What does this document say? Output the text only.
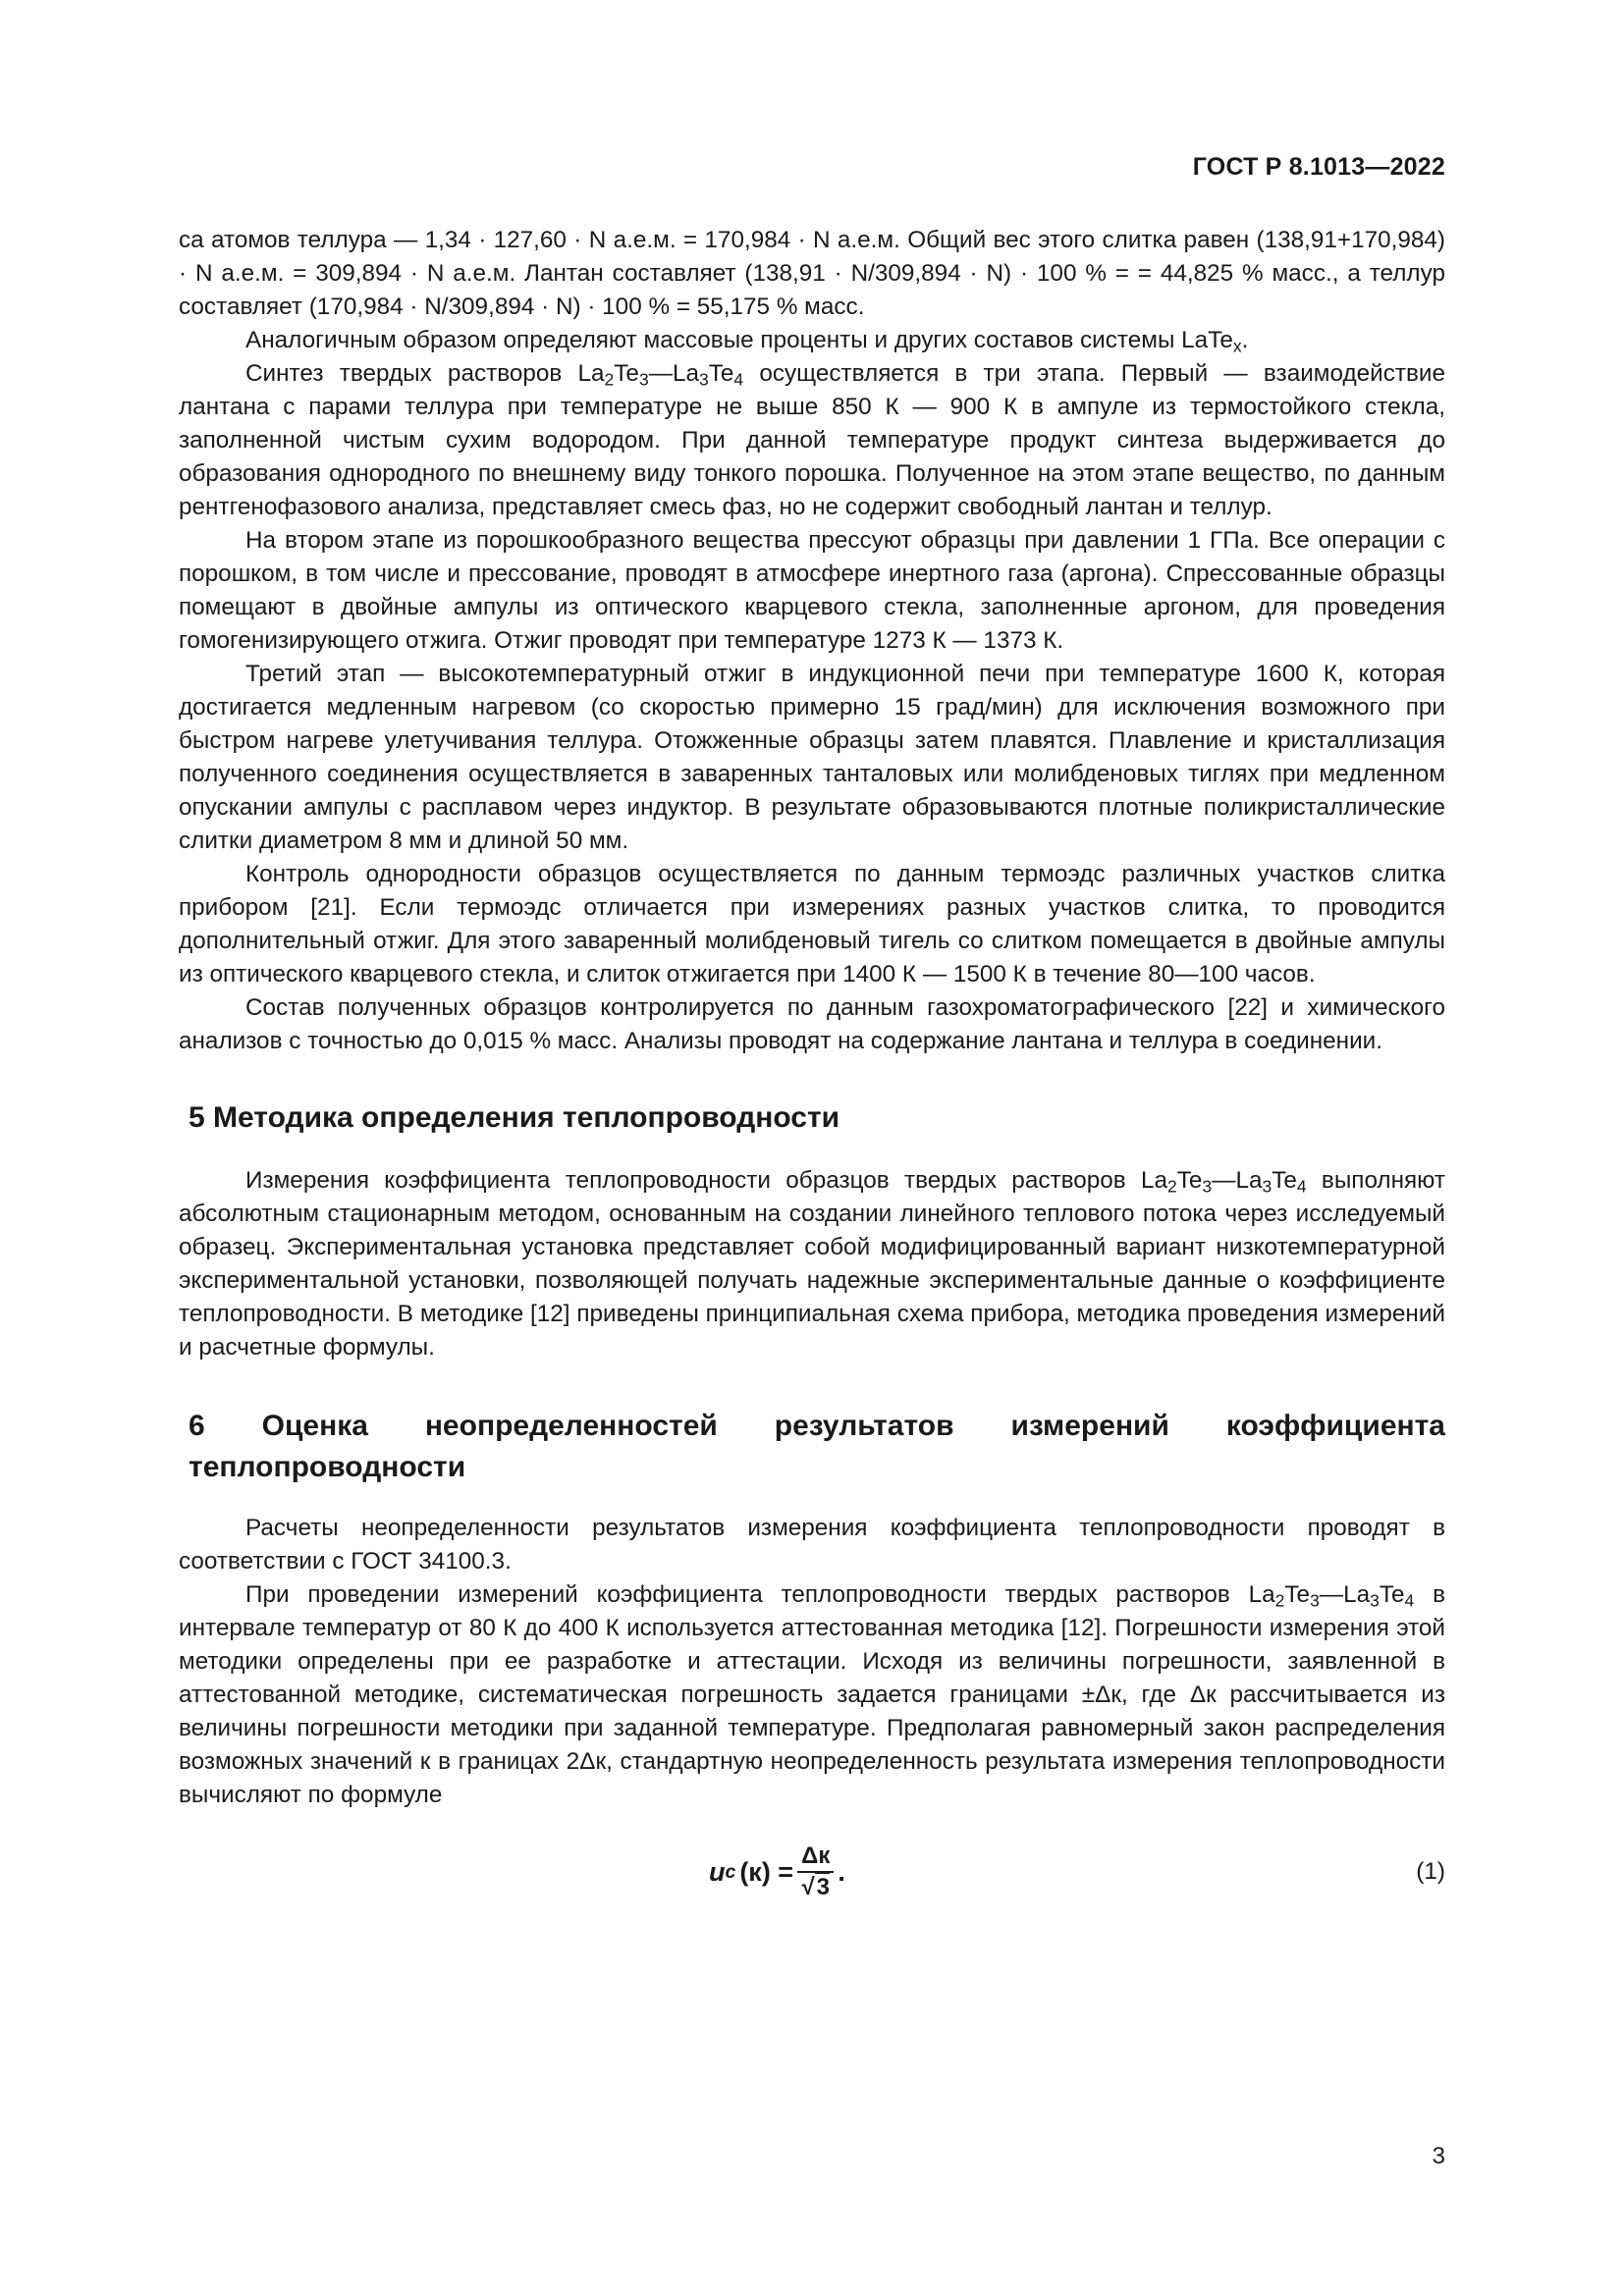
ГОСТ Р 8.1013—2022

са атомов теллура — 1,34 · 127,60 · N а.е.м. = 170,984 · N а.е.м. Общий вес этого слитка равен (138,91+170,984) · N а.е.м. = 309,894 · N а.е.м. Лантан составляет (138,91 · N/309,894 · N) · 100 % = = 44,825 % масс., а теллур составляет (170,984 · N/309,894 · N) · 100 % = 55,175 % масс.

Аналогичным образом определяют массовые проценты и других составов системы LaTe$_x$.

Синтез твердых растворов $La_2Te_3—La_3Te_4$ осуществляется в три этапа. Первый — взаимодействие лантана с парами теллура при температуре не выше 850 К — 900 К в ампуле из термостойкого стекла, заполненной чистым сухим водородом. При данной температуре продукт синтеза выдерживается до образования однородного по внешнему виду тонкого порошка. Полученное на этом этапе вещество, по данным рентгенофазового анализа, представляет смесь фаз, но не содержит свободный лантан и теллур.

На втором этапе из порошкообразного вещества прессуют образцы при давлении 1 ГПа. Все операции с порошком, в том числе и прессование, проводят в атмосфере инертного газа (аргона). Спрессованные образцы помещают в двойные ампулы из оптического кварцевого стекла, заполненные аргоном, для проведения гомогенизирующего отжига. Отжиг проводят при температуре 1273 К — 1373 К.

Третий этап — высокотемпературный отжиг в индукционной печи при температуре 1600 К, которая достигается медленным нагревом (со скоростью примерно 15 град/мин) для исключения возможного при быстром нагреве улетучивания теллура. Отожженные образцы затем плавятся. Плавление и кристаллизация полученного соединения осуществляется в заваренных танталовых или молибденовых тиглях при медленном опускании ампулы с расплавом через индуктор. В результате образовываются плотные поликристаллические слитки диаметром 8 мм и длиной 50 мм.

Контроль однородности образцов осуществляется по данным термоэдс различных участков слитка прибором [21]. Если термоэдс отличается при измерениях разных участков слитка, то проводится дополнительный отжиг. Для этого заваренный молибденовый тигель со слитком помещается в двойные ампулы из оптического кварцевого стекла, и слиток отжигается при 1400 К — 1500 К в течение 80—100 часов.

Состав полученных образцов контролируется по данным газохроматографического [22] и химического анализов с точностью до 0,015 % масс. Анализы проводят на содержание лантана и теллура в соединении.

5 Методика определения теплопроводности

Измерения коэффициента теплопроводности образцов твердых растворов $La_2Te_3—La_3Te_4$ выполняют абсолютным стационарным методом, основанным на создании линейного теплового потока через исследуемый образец. Экспериментальная установка представляет собой модифицированный вариант низкотемпературной экспериментальной установки, позволяющей получать надежные экспериментальные данные о коэффициенте теплопроводности. В методике [12] приведены принципиальная схема прибора, методика проведения измерений и расчетные формулы.

6 Оценка неопределенностей результатов измерений коэффициента теплопроводности

Расчеты неопределенности результатов измерения коэффициента теплопроводности проводят в соответствии с ГОСТ 34100.3.

При проведении измерений коэффициента теплопроводности твердых растворов $La_2Te_3—La_3Te_4$ в интервале температур от 80 К до 400 К используется аттестованная методика [12]. Погрешности измерения этой методики определены при ее разработке и аттестации. Исходя из величины погрешности, заявленной в аттестованной методике, систематическая погрешность задается границами ±Δк, где Δк рассчитывается из величины погрешности методики при заданной температуре. Предполагая равномерный закон распределения возможных значений к в границах 2Δк, стандартную неопределенность результата измерения теплопроводности вычисляют по формуле

u c $(к) = \frac{\Delta к}{√3}$ .	(1)
3
